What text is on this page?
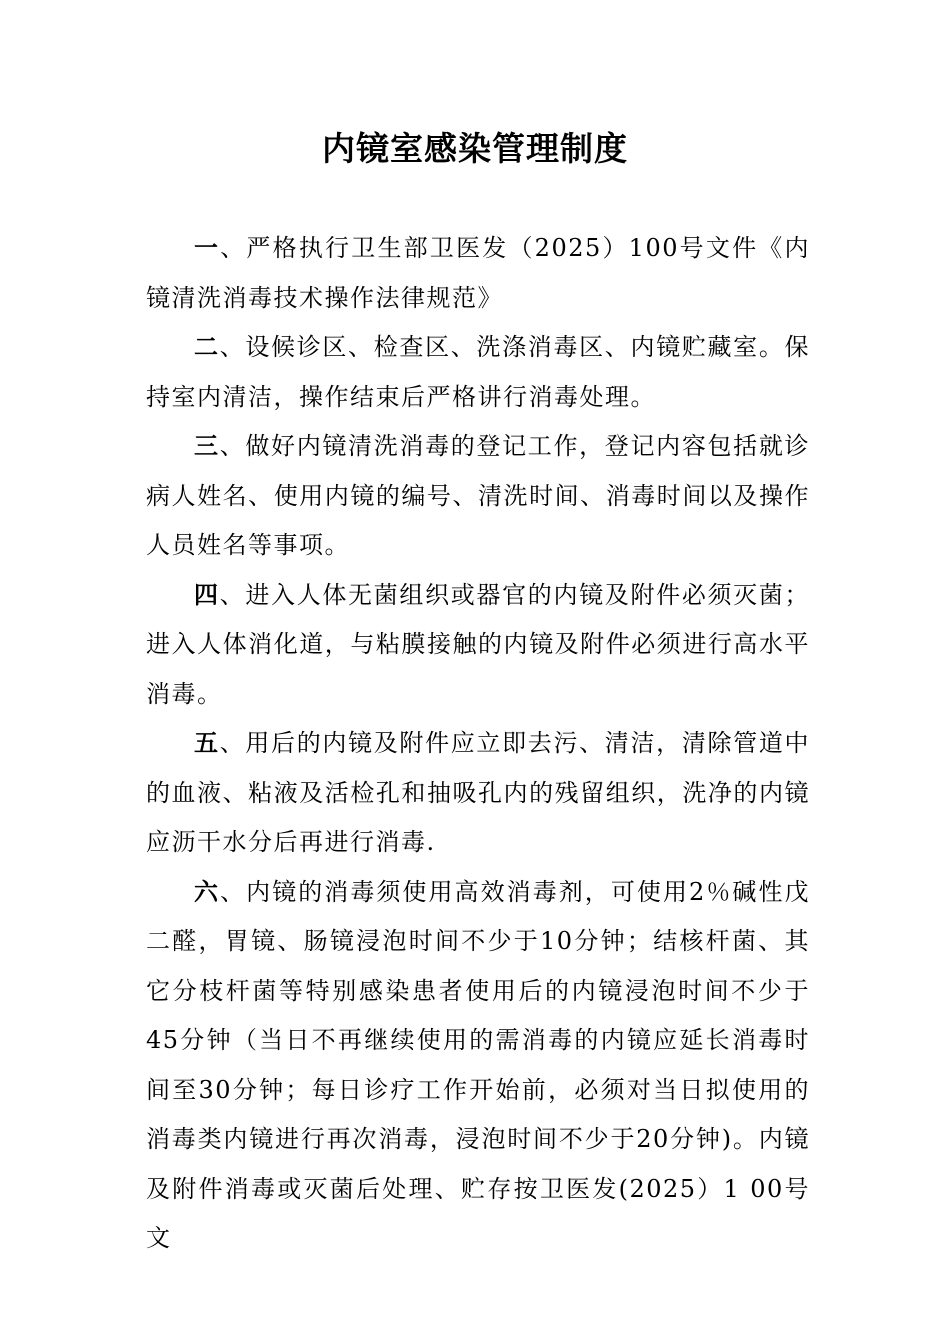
内镜室感染管理制度

一、严格执行卫生部卫医发（2025）100号文件《内镜清洗消毒技术操作法律规范》

二、设候诊区、检查区、洗涤消毒区、内镜贮藏室。保持室内清洁，操作结束后严格讲行消毒处理。

三、做好内镜清洗消毒的登记工作，登记内容包括就诊病人姓名、使用内镜的编号、清洗时间、消毒时间以及操作人员姓名等事项。

四、进入人体无菌组织或器官的内镜及附件必须灭菌；进入人体消化道，与粘膜接触的内镜及附件必须进行高水平消毒。

五、用后的内镜及附件应立即去污、清洁，清除管道中的血液、粘液及活检孔和抽吸孔内的残留组织，洗净的内镜应沥干水分后再进行消毒.

六、内镜的消毒须使用高效消毒剂，可使用2％碱性戊二醛，胃镜、肠镜浸泡时间不少于10分钟；结核杆菌、其它分枝杆菌等特别感染患者使用后的内镜浸泡时间不少于45分钟（当日不再继续使用的需消毒的内镜应延长消毒时间至30分钟；每日诊疗工作开始前，必须对当日拟使用的消毒类内镜进行再次消毒，浸泡时间不少于20分钟)。内镜及附件消毒或灭菌后处理、贮存按卫医发(2025）1 00号文
